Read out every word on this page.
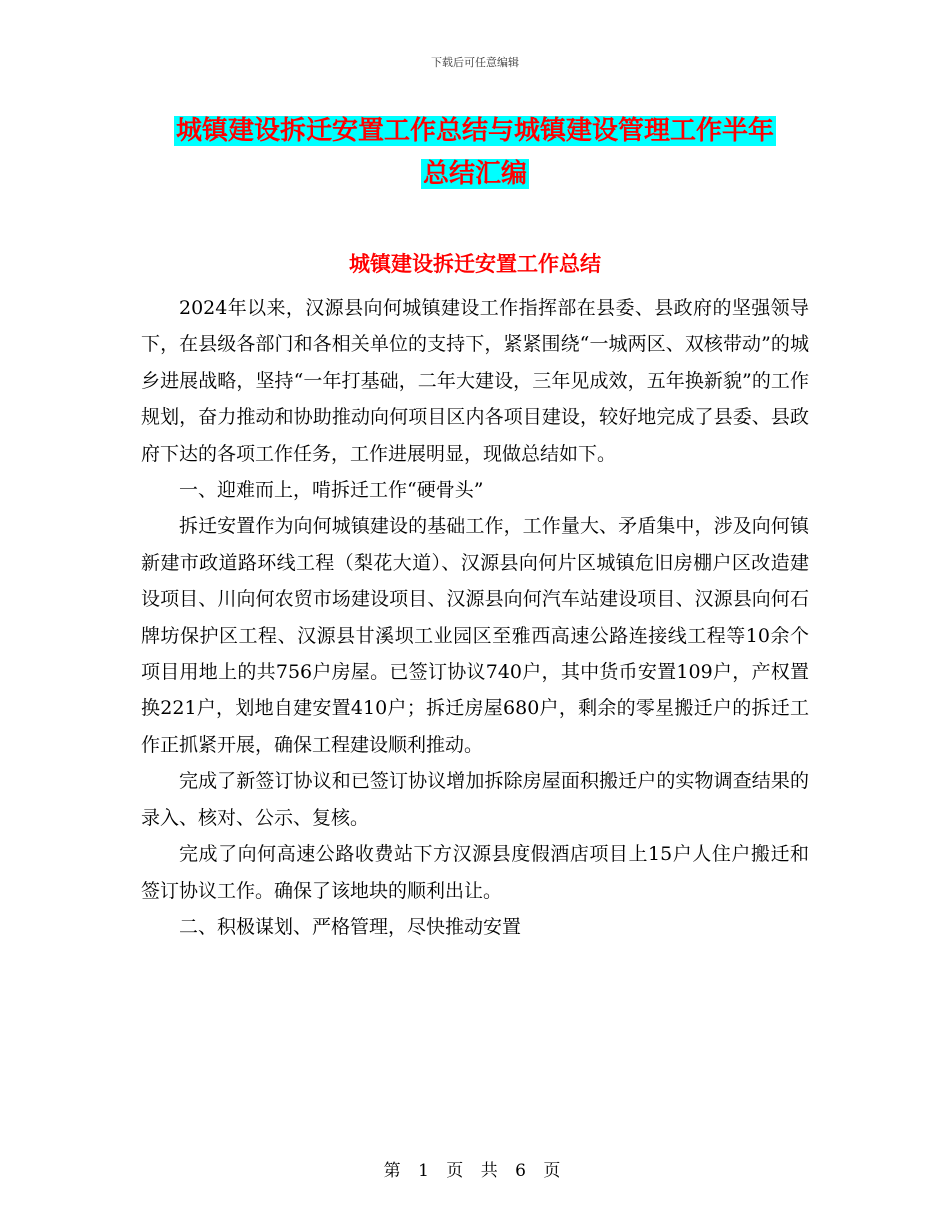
下载后可任意编辑
城镇建设拆迁安置工作总结与城镇建设管理工作半年
总结汇编
城镇建设拆迁安置工作总结

2024年以来，汉源县向何城镇建设工作指挥部在县委、县政府的坚强领导下，在县级各部门和各相关单位的支持下，紧紧围绕“一城两区、双核带动”的城乡进展战略，坚持“一年打基础，二年大建设，三年见成效，五年换新貌”的工作规划，奋力推动和协助推动向何项目区内各项目建设，较好地完成了县委、县政府下达的各项工作任务，工作进展明显，现做总结如下。

一、迎难而上，啃拆迁工作“硬骨头”

拆迁安置作为向何城镇建设的基础工作，工作量大、矛盾集中，涉及向何镇新建市政道路环线工程（梨花大道）、汉源县向何片区城镇危旧房棚户区改造建设项目、川向何农贸市场建设项目、汉源县向何汽车站建设项目、汉源县向何石牌坊保护区工程、汉源县甘溪坝工业园区至雅西高速公路连接线工程等10余个项目用地上的共756户房屋。已签订协议740户，其中货币安置109户，产权置换221户，划地自建安置410户；拆迁房屋680户，剩余的零星搬迁户的拆迁工作正抓紧开展，确保工程建设顺利推动。

完成了新签订协议和已签订协议增加拆除房屋面积搬迁户的实物调查结果的录入、核对、公示、复核。

完成了向何高速公路收费站下方汉源县度假酒店项目上15户人住户搬迁和签订协议工作。确保了该地块的顺利出让。

二、积极谋划、严格管理，尽快推动安置

第 1 页 共 6 页
